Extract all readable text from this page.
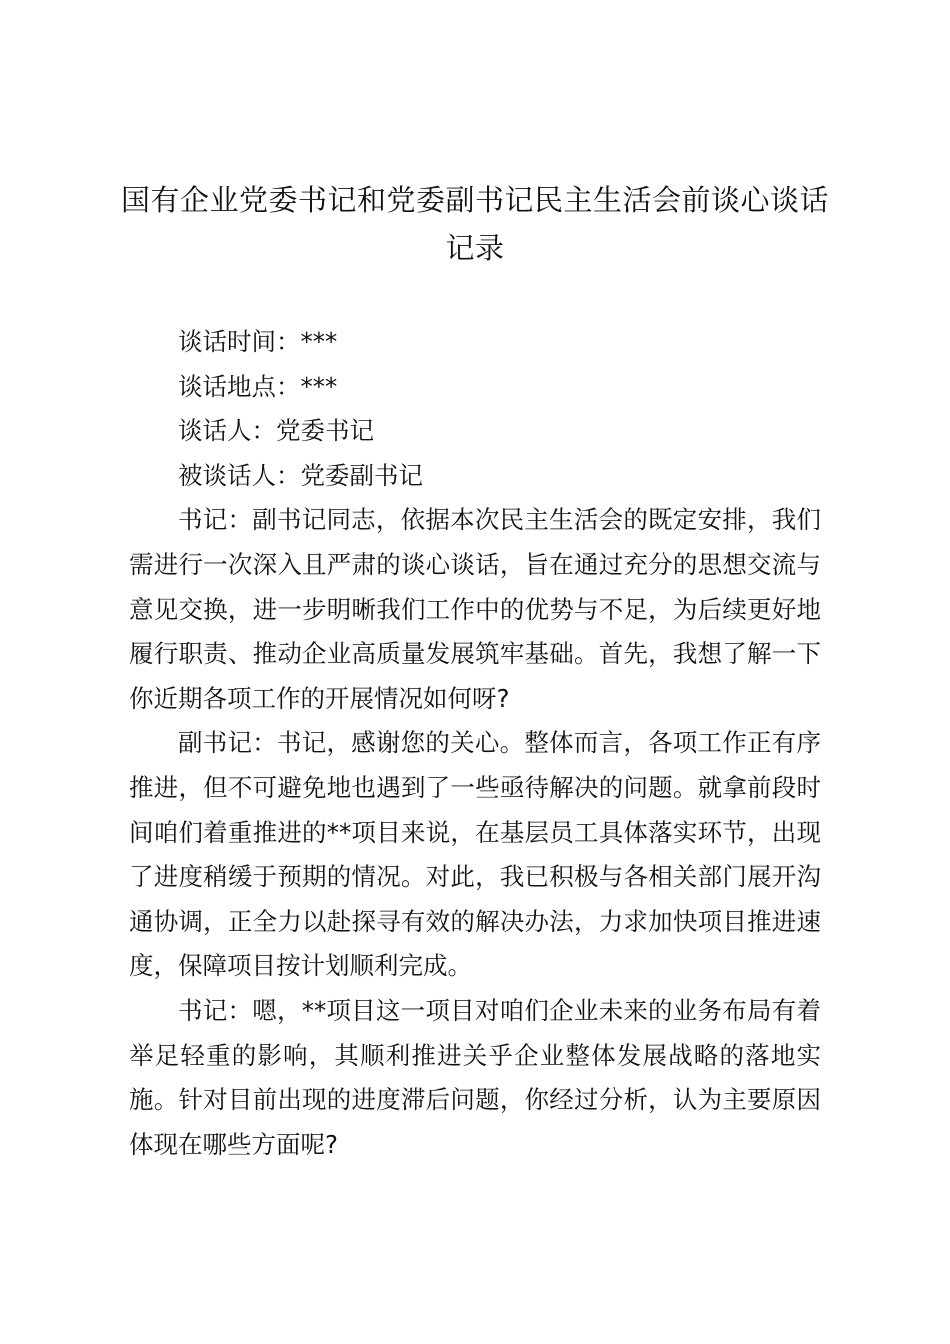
国有企业党委书记和党委副书记民主生活会前谈心谈话记录

谈话时间：***

谈话地点：***

谈话人：党委书记

被谈话人：党委副书记

书记：副书记同志，依据本次民主生活会的既定安排，我们需进行一次深入且严肃的谈心谈话，旨在通过充分的思想交流与意见交换，进一步明晰我们工作中的优势与不足，为后续更好地履行职责、推动企业高质量发展筑牢基础。首先，我想了解一下你近期各项工作的开展情况如何呀?

副书记：书记，感谢您的关心。整体而言，各项工作正有序推进，但不可避免地也遇到了一些亟待解决的问题。就拿前段时间咱们着重推进的**项目来说，在基层员工具体落实环节，出现了进度稍缓于预期的情况。对此，我已积极与各相关部门展开沟通协调，正全力以赴探寻有效的解决办法，力求加快项目推进速度，保障项目按计划顺利完成。

书记：嗯，**项目这一项目对咱们企业未来的业务布局有着举足轻重的影响，其顺利推进关乎企业整体发展战略的落地实施。针对目前出现的进度滞后问题，你经过分析，认为主要原因体现在哪些方面呢?
